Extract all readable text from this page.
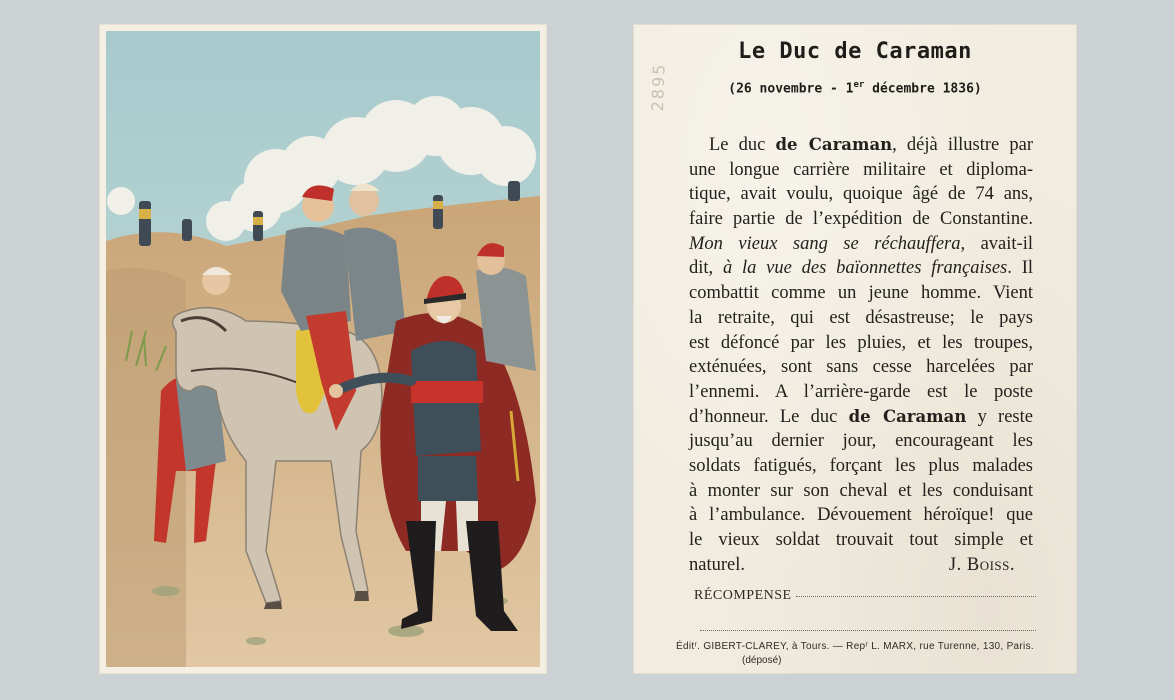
2895
Le Duc de Caraman
(26 novembre - 1er décembre 1836)
Le duc de Caraman, déjà illustre par
une longue carrière militaire et diploma-
tique, avait voulu, quoique âgé de 74 ans,
faire partie de l’expédition de Constantine.
Mon vieux sang se réchauffera, avait-il
dit, à la vue des baïonnettes françaises. Il
combattit comme un jeune homme. Vient
la retraite, qui est désastreuse; le pays
est défoncé par les pluies, et les troupes,
exténuées, sont sans cesse harcelées par
l’ennemi. A l’arrière-garde est le poste
d’honneur. Le duc de Caraman y reste
jusqu’au dernier jour, encourageant les
soldats fatigués, forçant les plus malades
à monter sur son cheval et les conduisant
à l’ambulance. Dévouement héroïque! que
le vieux soldat trouvait tout simple et
naturel.	J. Boiss.
RÉCOMPENSE
Éditʳ. GIBERT-CLAREY, à Tours. — Repʳ L. MARX, rue Turenne, 130, Paris.
(déposé)
